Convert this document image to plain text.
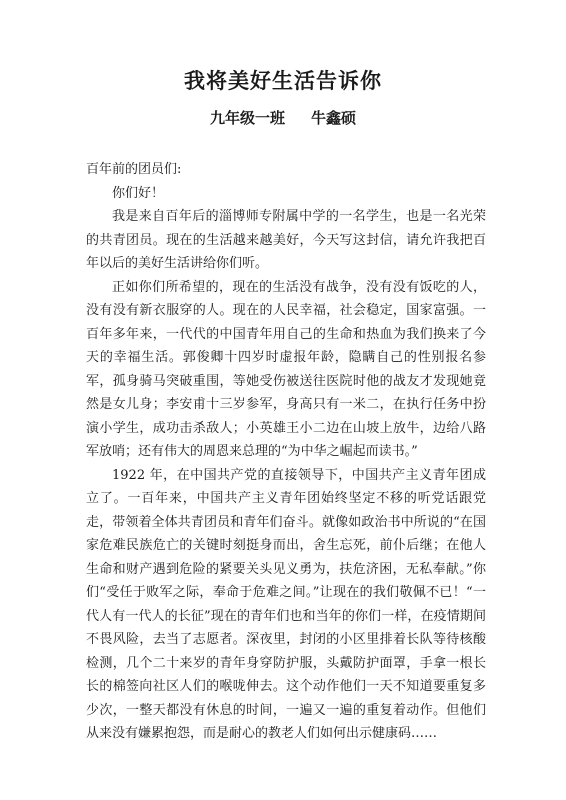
我将美好生活告诉你
九年级一班 牛鑫硕

百年前的团员们:

你们好！

我是来自百年后的淄博师专附属中学的一名学生，也是一名光荣的共青团员。现在的生活越来越美好，今天写这封信，请允许我把百年以后的美好生活讲给你们听。

正如你们所希望的，现在的生活没有战争，没有没有饭吃的人，没有没有新衣服穿的人。现在的人民幸福，社会稳定，国家富强。一百年多年来，一代代的中国青年用自己的生命和热血为我们换来了今天的幸福生活。郭俊卿十四岁时虚报年龄，隐瞒自己的性别报名参军，孤身骑马突破重围，等她受伤被送往医院时他的战友才发现她竟然是女儿身；李安甫十三岁参军，身高只有一米二，在执行任务中扮演小学生，成功击杀敌人；小英雄王小二边在山坡上放牛，边给八路军放哨；还有伟大的周恩来总理的“为中华之崛起而读书。”

1922 年，在中国共产党的直接领导下，中国共产主义青年团成立了。一百年来，中国共产主义青年团始终坚定不移的听党话跟党走，带领着全体共青团员和青年们奋斗。就像如政治书中所说的“在国家危难民族危亡的关键时刻挺身而出，舍生忘死，前仆后继；在他人生命和财产遇到危险的紧要关头见义勇为，扶危济困，无私奉献。”你们“受任于败军之际，奉命于危难之间。”让现在的我们敬佩不已！“一代人有一代人的长征”现在的青年们也和当年的你们一样，在疫情期间不畏风险，去当了志愿者。深夜里，封闭的小区里排着长队等待核酸检测，几个二十来岁的青年身穿防护服，头戴防护面罩，手拿一根长长的棉签向社区人们的喉咙伸去。这个动作他们一天不知道要重复多少次，一整天都没有休息的时间，一遍又一遍的重复着动作。但他们从来没有嫌累抱怨，而是耐心的教老人们如何出示健康码……
